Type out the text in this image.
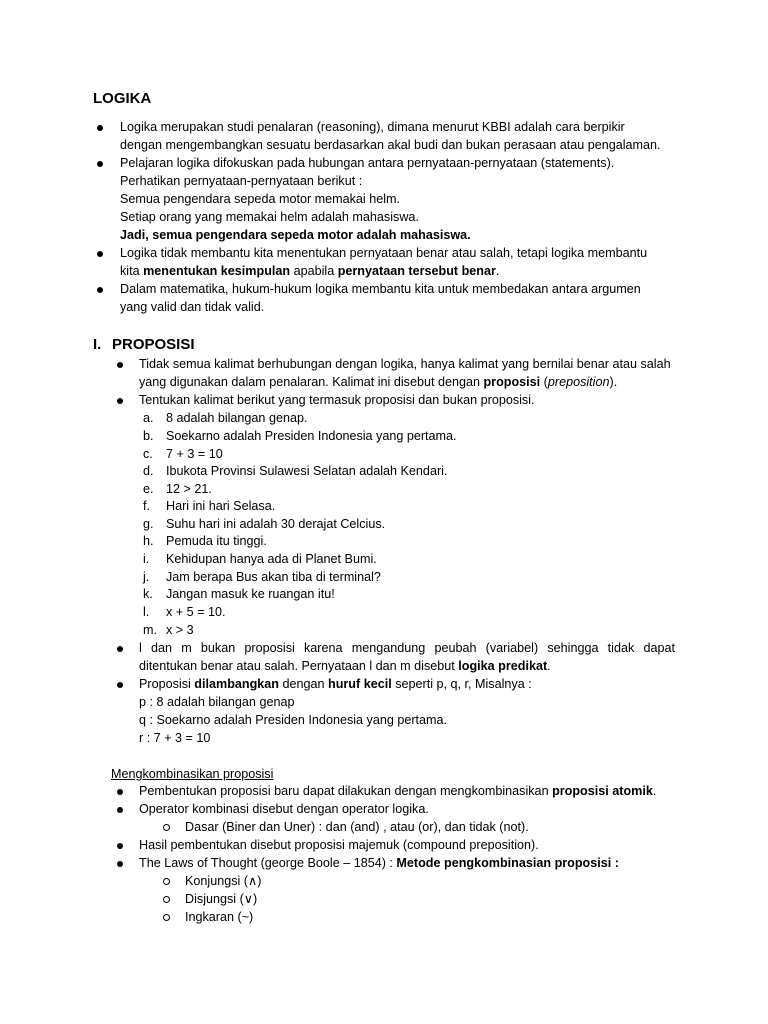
LOGIKA
Logika merupakan studi penalaran (reasoning), dimana menurut KBBI adalah cara berpikir
dengan mengembangkan sesuatu berdasarkan akal budi dan bukan perasaan atau pengalaman.
Pelajaran logika difokuskan pada hubungan antara pernyataan-pernyataan (statements).
Perhatikan pernyataan-pernyataan berikut :
Semua pengendara sepeda motor memakai helm.
Setiap orang yang memakai helm adalah mahasiswa.
Jadi, semua pengendara sepeda motor adalah mahasiswa.
Logika tidak membantu kita menentukan pernyataan benar atau salah, tetapi logika membantu
kita menentukan kesimpulan apabila pernyataan tersebut benar.
Dalam matematika, hukum-hukum logika membantu kita untuk membedakan antara argumen
yang valid dan tidak valid.
I. PROPOSISI
Tidak semua kalimat berhubungan dengan logika, hanya kalimat yang bernilai benar atau salah
yang digunakan dalam penalaran. Kalimat ini disebut dengan proposisi (preposition).
Tentukan kalimat berikut yang termasuk proposisi dan bukan proposisi.
a. 8 adalah bilangan genap.
b. Soekarno adalah Presiden Indonesia yang pertama.
c. 7 + 3 = 10
d. Ibukota Provinsi Sulawesi Selatan adalah Kendari.
e. 12 > 21.
f. Hari ini hari Selasa.
g. Suhu hari ini adalah 30 derajat Celcius.
h. Pemuda itu tinggi.
i. Kehidupan hanya ada di Planet Bumi.
j. Jam berapa Bus akan tiba di terminal?
k. Jangan masuk ke ruangan itu!
l. x + 5 = 10.
m. x > 3
l dan m bukan proposisi karena mengandung peubah (variabel) sehingga tidak dapat
ditentukan benar atau salah. Pernyataan l dan m disebut logika predikat.
Proposisi dilambangkan dengan huruf kecil seperti p, q, r, Misalnya :
p : 8 adalah bilangan genap
q : Soekarno adalah Presiden Indonesia yang pertama.
r : 7 + 3 = 10
Mengkombinasikan proposisi
Pembentukan proposisi baru dapat dilakukan dengan mengkombinasikan proposisi atomik.
Operator kombinasi disebut dengan operator logika.
Dasar (Biner dan Uner) : dan (and) , atau (or), dan tidak (not).
Hasil pembentukan disebut proposisi majemuk (compound preposition).
The Laws of Thought (george Boole – 1854) : Metode pengkombinasian proposisi :
Konjungsi (∧)
Disjungsi (∨)
Ingkaran (~)
